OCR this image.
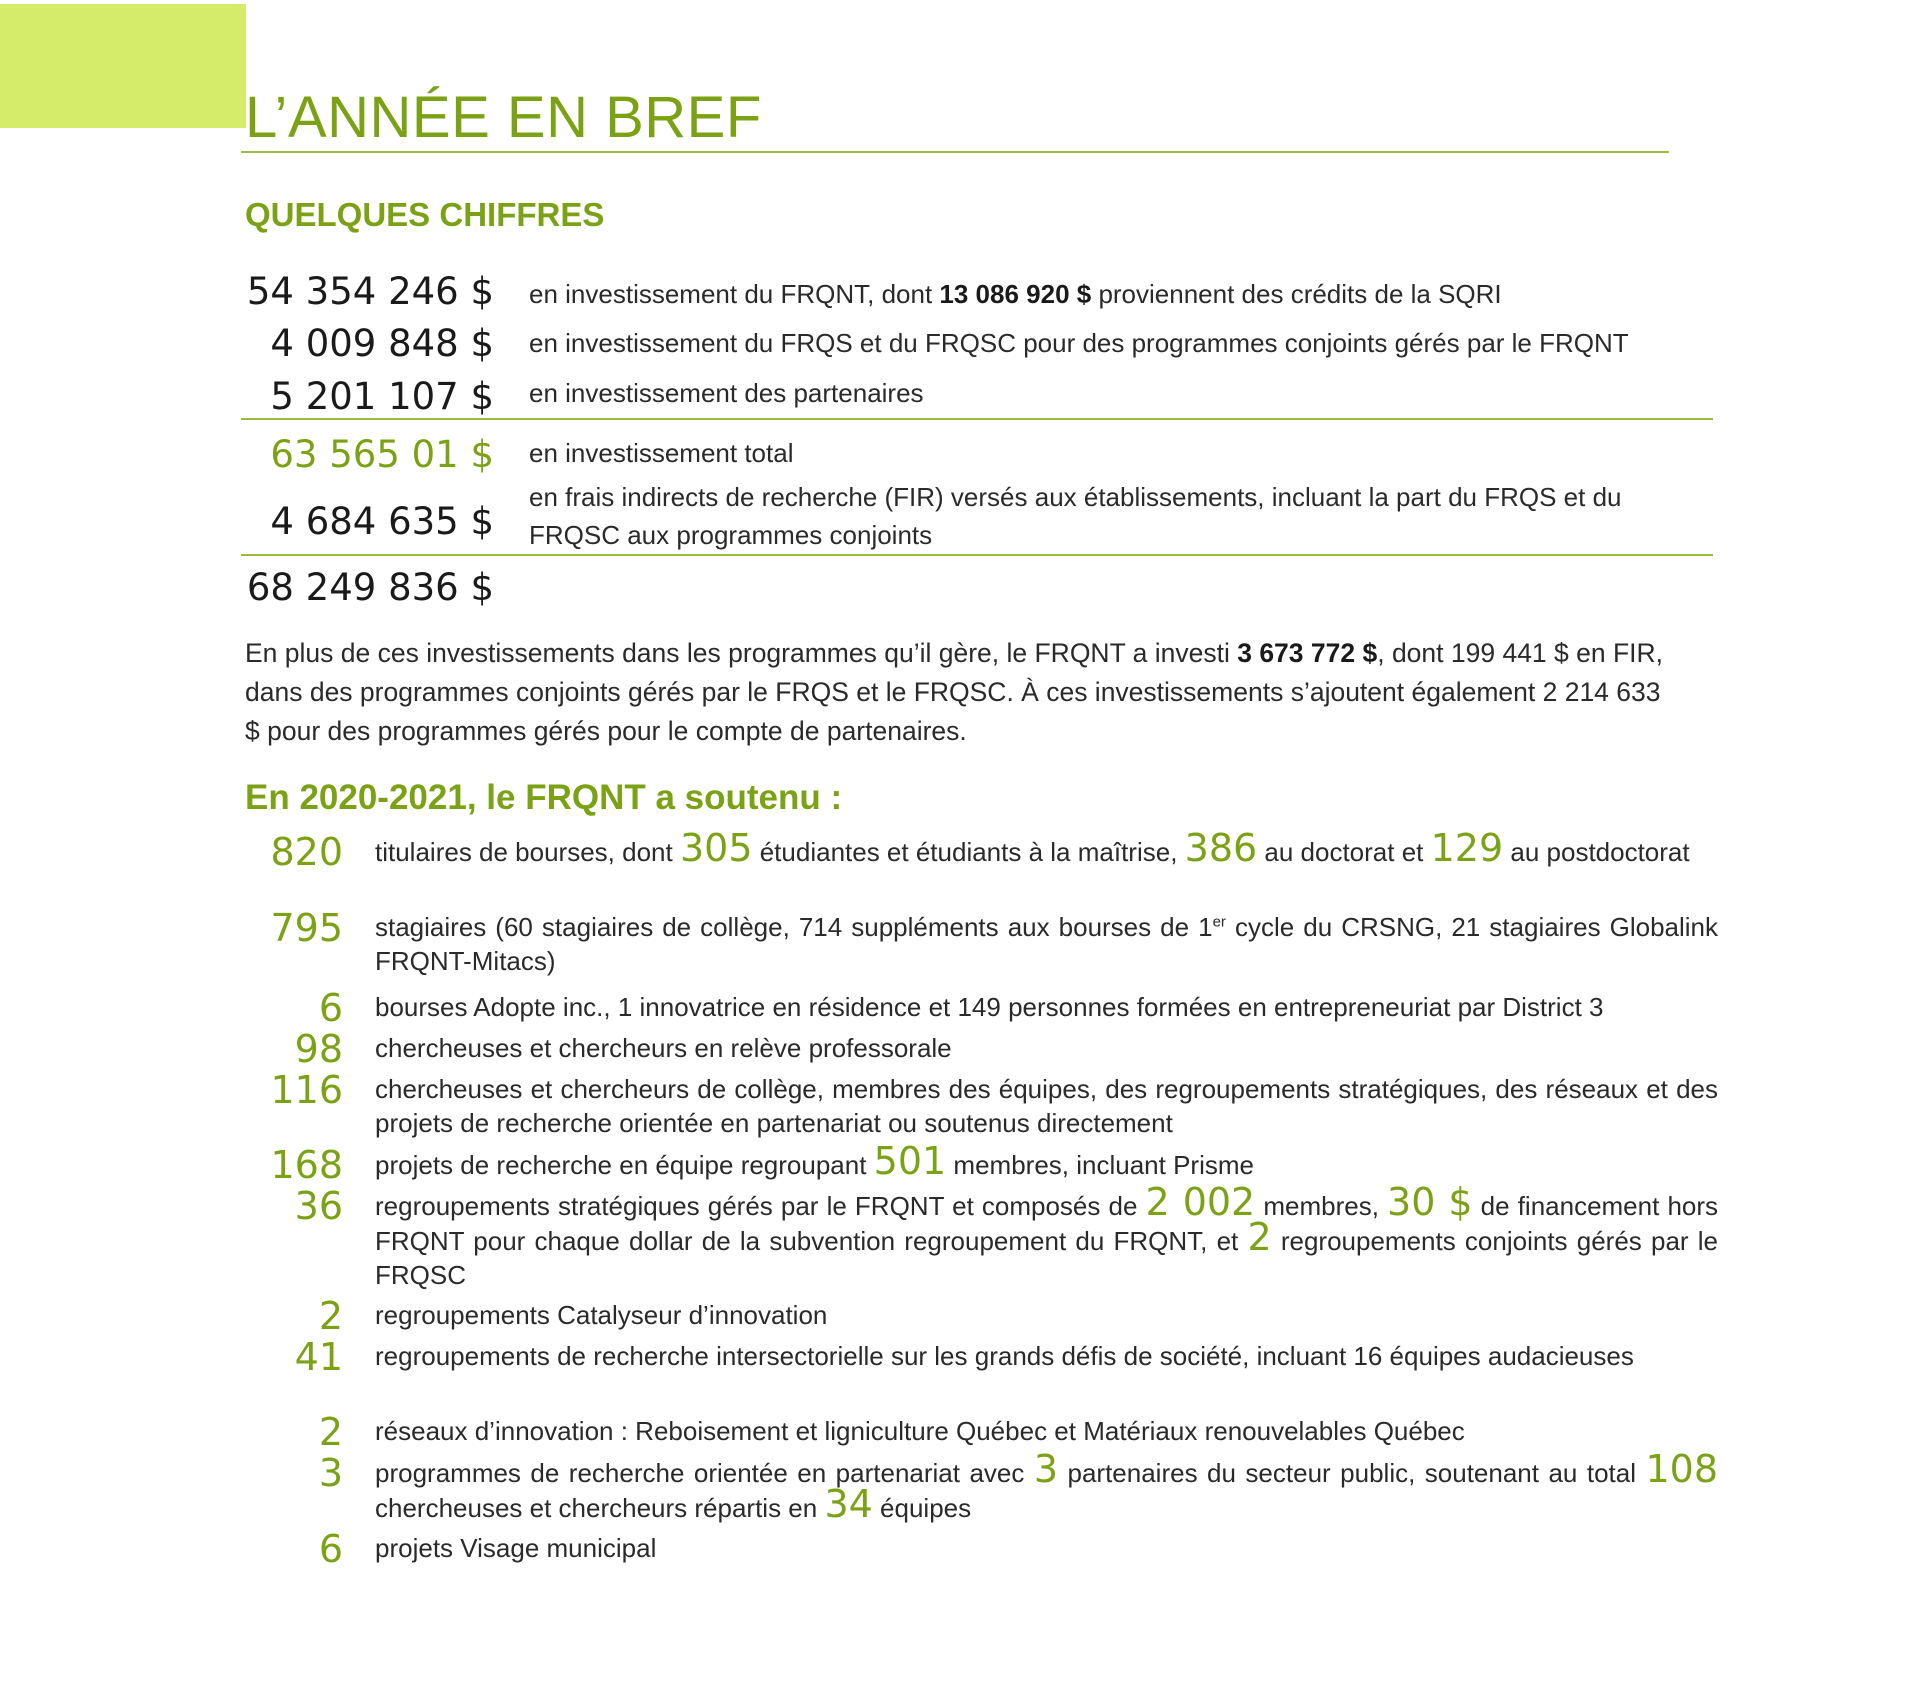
L’ANNÉE EN BREF
QUELQUES CHIFFRES
54 354 246 $ en investissement du FRQNT, dont 13 086 920 $ proviennent des crédits de la SQRI
4 009 848 $ en investissement du FRQS et du FRQSC pour des programmes conjoints gérés par le FRQNT
5 201 107 $ en investissement des partenaires
63 565 01 $ en investissement total
4 684 635 $
en frais indirects de recherche (FIR) versés aux établissements, incluant la part du FRQS et du FRQSC aux programmes conjoints
68 249 836 $

En plus de ces investissements dans les programmes qu’il gère, le FRQNT a investi 3 673 772 $, dont 199 441 $ en FIR, dans des programmes conjoints gérés par le FRQS et le FRQSC. À ces investissements s’ajoutent également 2 214 633 $ pour des programmes gérés pour le compte de partenaires.

En 2020-2021, le FRQNT a soutenu :
820 titulaires de bourses, dont 305 étudiantes et étudiants à la maîtrise, 386 au doctorat et 129 au postdoctorat
795 stagiaires (60 stagiaires de collège, 714 suppléments aux bourses de 1er cycle du CRSNG, 21 stagiaires Globalink FRQNT-Mitacs)
6 bourses Adopte inc., 1 innovatrice en résidence et 149 personnes formées en entrepreneuriat par District 3
98 chercheuses et chercheurs en relève professorale
116 chercheuses et chercheurs de collège, membres des équipes, des regroupements stratégiques, des réseaux et des projets de recherche orientée en partenariat ou soutenus directement
168 projets de recherche en équipe regroupant 501 membres, incluant Prisme
36 regroupements stratégiques gérés par le FRQNT et composés de 2 002 membres, 30 $ de financement hors FRQNT pour chaque dollar de la subvention regroupement du FRQNT, et 2 regroupements conjoints gérés par le FRQSC
2 regroupements Catalyseur d’innovation
41 regroupements de recherche intersectorielle sur les grands défis de société, incluant 16 équipes audacieuses
2 réseaux d’innovation : Reboisement et ligniculture Québec et Matériaux renouvelables Québec
3 programmes de recherche orientée en partenariat avec 3 partenaires du secteur public, soutenant au total 108 chercheuses et chercheurs répartis en 34 équipes
6 projets Visage municipal
